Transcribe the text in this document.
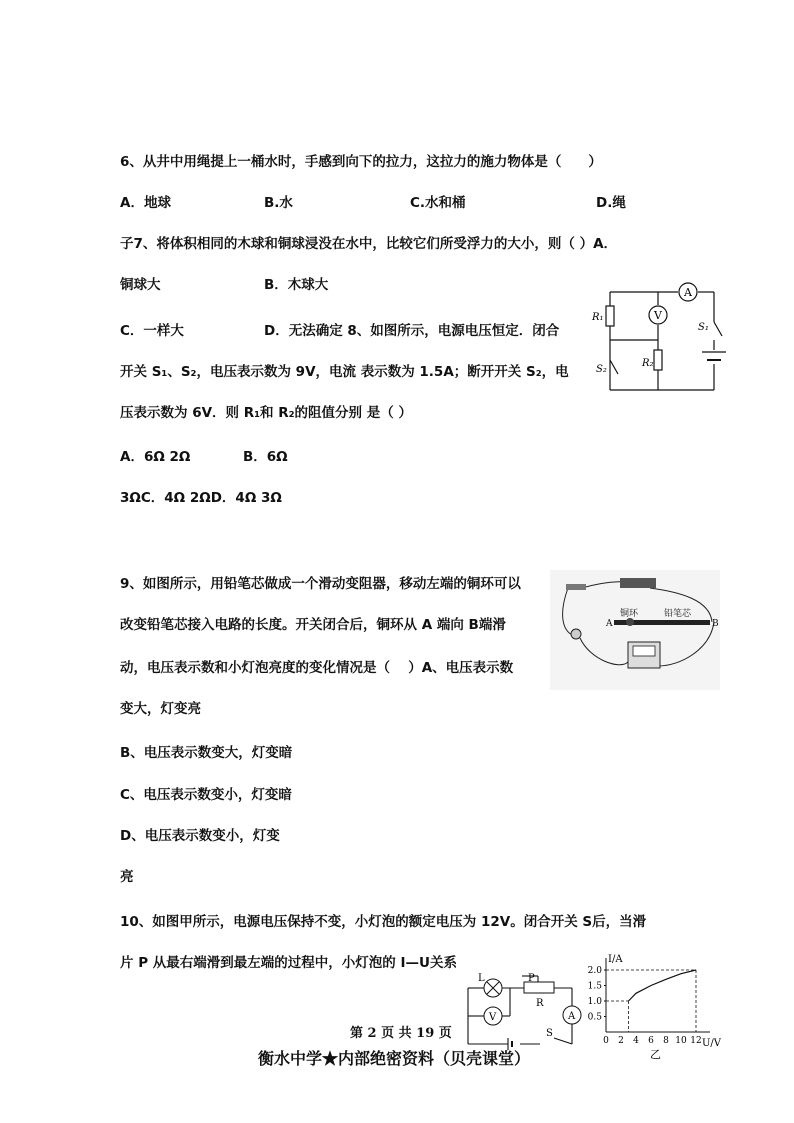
6、从井中用绳提上一桶水时，手感到向下的拉力，这拉力的施力物体是（　　）
A．地球	B.水	C.水和桶	D.绳
子7、将体积相同的木球和铜球浸没在水中，比较它们所受浮力的大小，则（ ）A．
铜球大	B．木球大
C．一样大	D．无法确定 8、如图所示，电源电压恒定．闭合
开关 S₁、S₂，电压表示数为 9V，电流 表示数为 1.5A；断开开关 S₂，电
压表示数为 6V．则 R₁和 R₂的阻值分别 是（ ）
A．6Ω 2Ω	B．6Ω
3ΩC．4Ω 2ΩD．4Ω 3Ω
V
A
R₁
R₂
S₁
S₂
9、如图所示，用铅笔芯做成一个滑动变阻器，移动左端的铜环可以
改变铅笔芯接入电路的长度。开关闭合后，铜环从 A 端向 B端滑
动，电压表示数和小灯泡亮度的变化情况是（　 ）A、电压表示数
变大，灯变亮
B、电压表示数变大，灯变暗
C、电压表示数变小，灯变暗
D、电压表示数变小，灯变
亮
铜环	铅笔芯
A	B
10、如图甲所示，电源电压保持不变，小灯泡的额定电压为 12V。闭合开关 S后，当滑
片 P 从最右端滑到最左端的过程中，小灯泡的 I—U关系
L	P
R
V	A
S
0 2 4 6 8 10 12
0.5
1.0
1.5
2.0
I/A
U/V
乙
第 2 页 共 19 页
衡水中学★内部绝密资料（贝壳课堂）
